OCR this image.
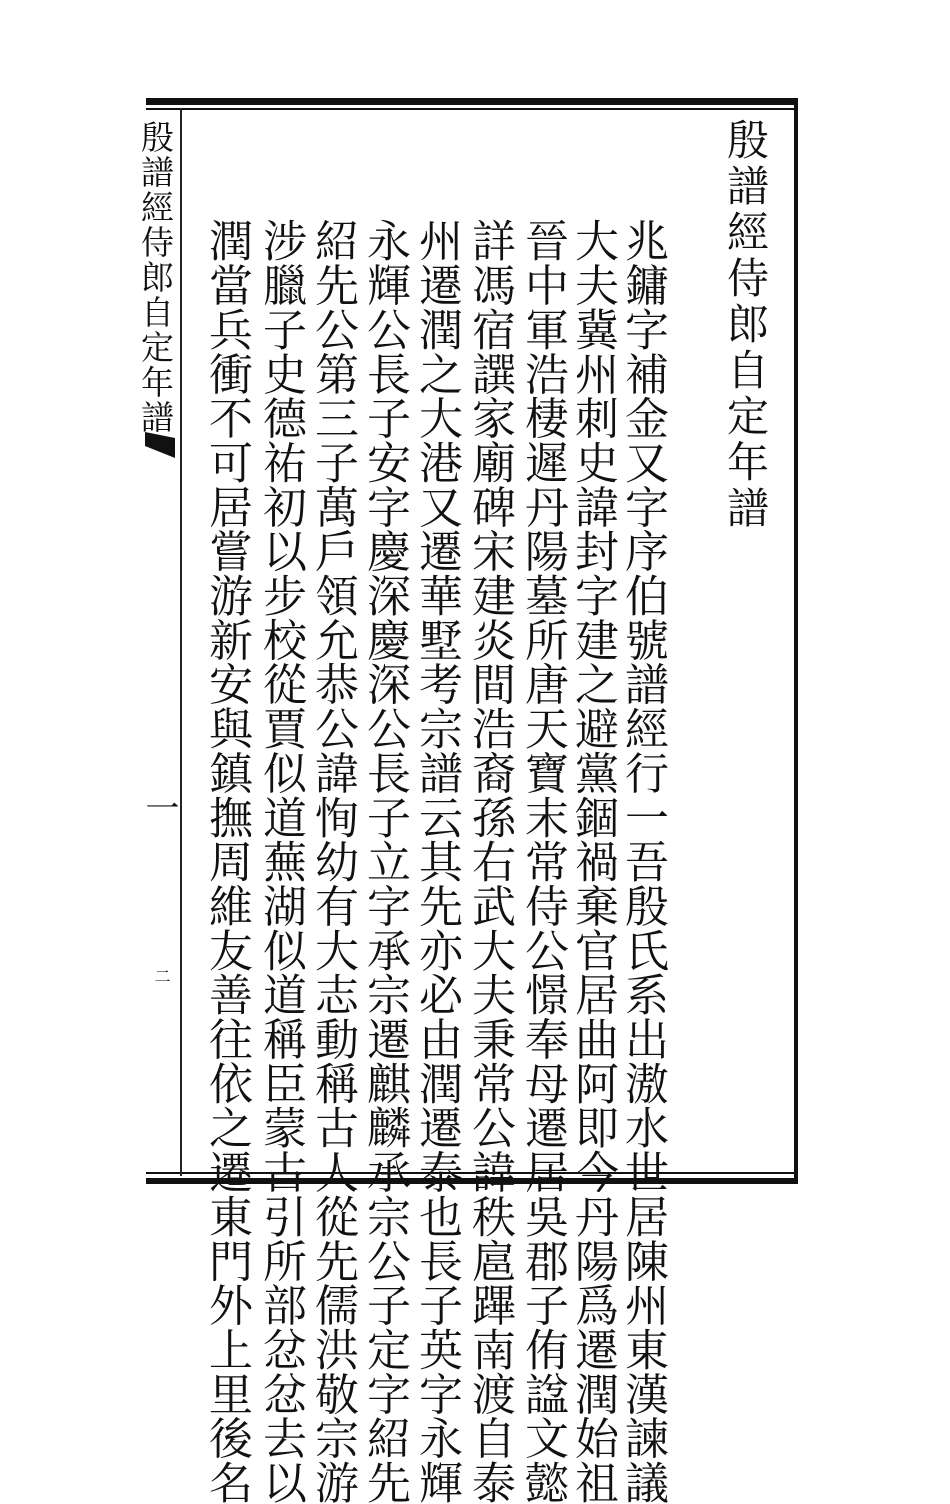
殷譜經侍郎自定年譜
兆鏞字補金又字序伯號譜經行一吾殷氏系出滶水世居陳州東漢諫議
大夫冀州刺史諱封字建之避黨錮禍棄官居曲阿即今丹陽爲遷潤始祖
晉中軍浩棲遲丹陽墓所唐天寶末常侍公憬奉母遷居吳郡子侑諡文懿
詳馮宿譔家廟碑宋建炎間浩裔孫右武大夫秉常公諱秩扈蹕南渡自泰
州遷潤之大港又遷華墅考宗譜云其先亦必由潤遷泰也長子英字永輝
永輝公長子安字慶深慶深公長子立字承宗遷麒麟承宗公子定字紹先
紹先公第三子萬戶領允恭公諱恂幼有大志動稱古人從先儒洪敬宗游
涉臘子史德祐初以步校從賈似道蕪湖似道稱臣蒙古引所部忿忿去以
潤當兵衝不可居嘗游新安與鎮撫周維友善往依之遷東門外上里後名
殷譜經侍郎自定年譜
一
二
